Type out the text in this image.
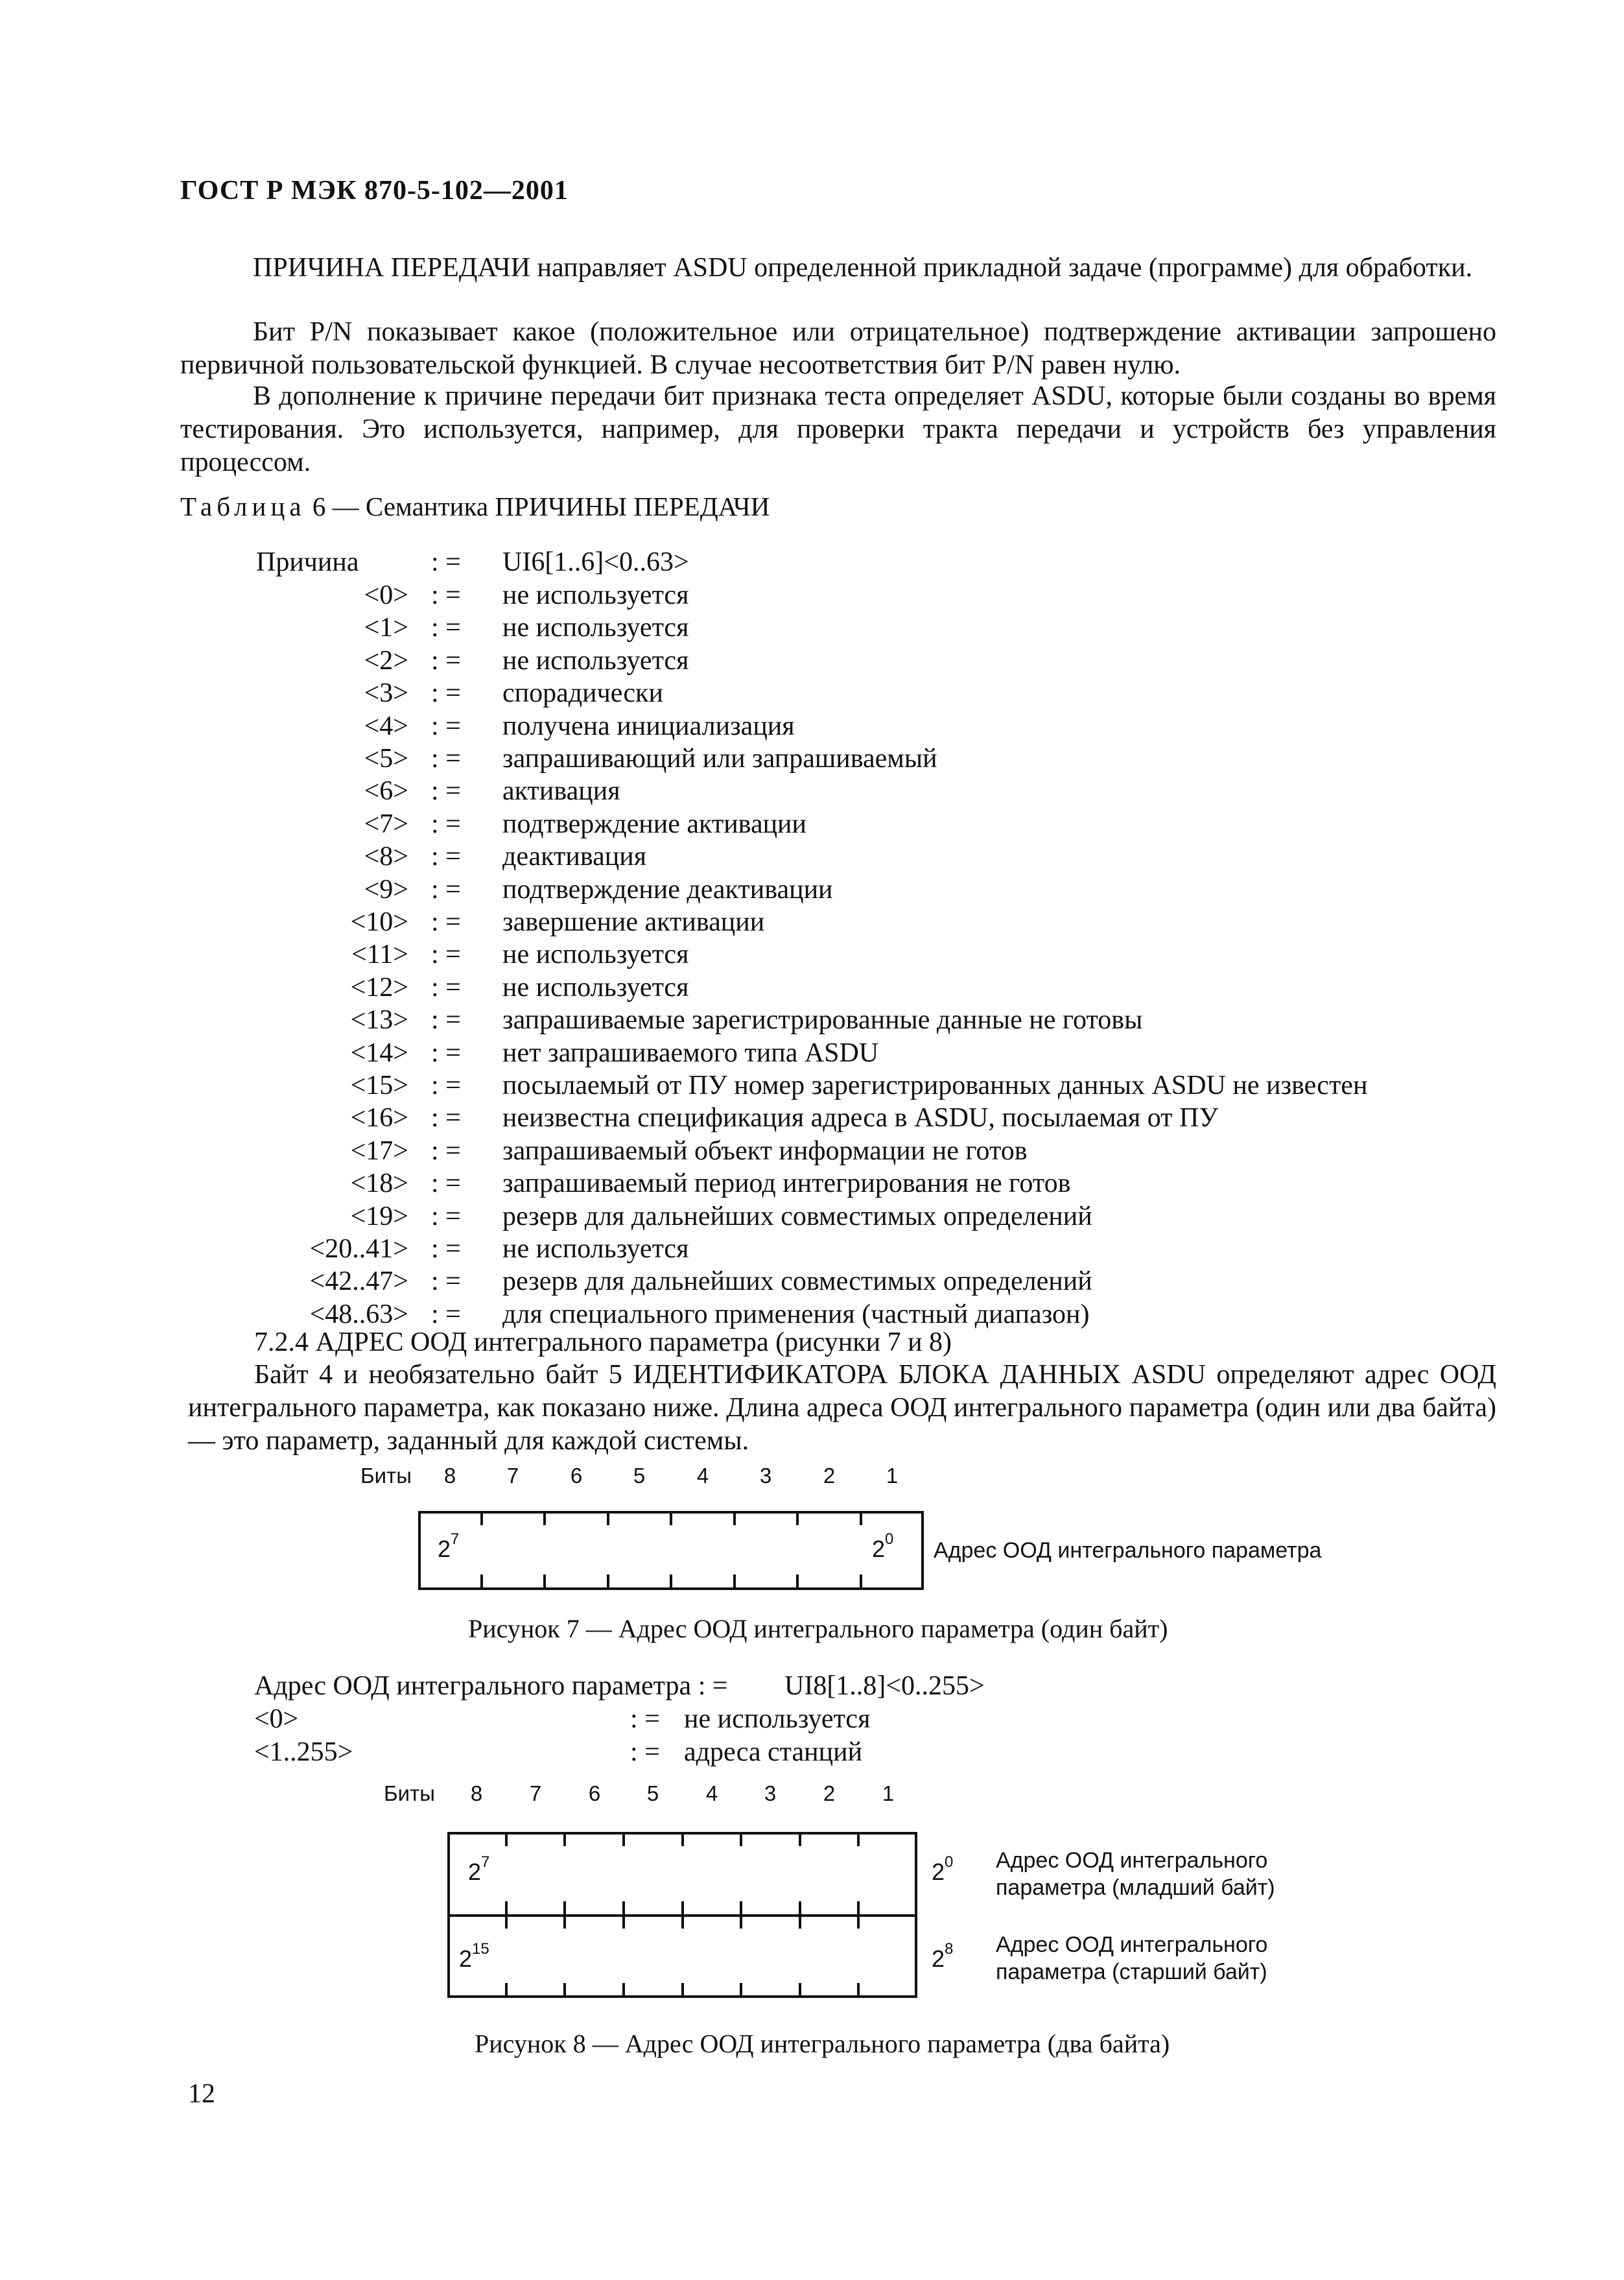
ГОСТ Р МЭК 870-5-102—2001
ПРИЧИНА ПЕРЕДАЧИ направляет ASDU определенной прикладной задаче (программе) для обработки.
Бит P/N показывает какое (положительное или отрицательное) подтверждение активации запрошено первичной пользовательской функцией. В случае несоответствия бит P/N равен нулю.
В дополнение к причине передачи бит признака теста определяет ASDU, которые были созданы во время тестирования. Это используется, например, для проверки тракта передачи и устройств без управления процессом.
Таблица 6 — Семантика ПРИЧИНЫ ПЕРЕДАЧИ
Причина	: = UI6[1..6]<0..63>
<0> : = не используется
<1> : = не используется
<2> : = не используется
<3> : = спорадически
<4> : = получена инициализация
<5> : = запрашивающий или запрашиваемый
<6> : = активация
<7> : = подтверждение активации
<8> : = деактивация
<9> : = подтверждение деактивации
<10> : = завершение активации
<11> : = не используется
<12> : = не используется
<13> : = запрашиваемые зарегистрированные данные не готовы
<14> : = нет запрашиваемого типа ASDU
<15> : = посылаемый от ПУ номер зарегистрированных данных ASDU не известен
<16> : = неизвестна спецификация адреса в ASDU, посылаемая от ПУ
<17> : = запрашиваемый объект информации не готов
<18> : = запрашиваемый период интегрирования не готов
<19> : = резерв для дальнейших совместимых определений
<20..41> : = не используется
<42..47> : = резерв для дальнейших совместимых определений
<48..63> : = для специального применения (частный диапазон)
7.2.4 АДРЕС ООД интегрального параметра (рисунки 7 и 8)
Байт 4 и необязательно байт 5 ИДЕНТИФИКАТОРА БЛОКА ДАННЫХ ASDU определяют адрес ООД интегрального параметра, как показано ниже. Длина адреса ООД интегрального параметра (один или два байта) — это параметр, заданный для каждой системы.
Биты
$2^7$	$2^0$ Адрес ООД интегрального параметра
Рисунок 7 — Адрес ООД интегрального параметра (один байт)
8	7	6	5	4	3	2	1
Адрес ООД интегрального параметра : = UI8[1..8]<0..255>
<0>	: = не используется
<1..255>	: = адреса станций
Биты
$2^7$	$2^0$
$2^{15}$	$2^8$
Адрес ООД интегрального
параметра (младший байт)
Адрес ООД интегрального
параметра (старший байт)
Рисунок 8 — Адрес ООД интегрального параметра (два байта)
8	7	6	5	4	3	2	1
12
